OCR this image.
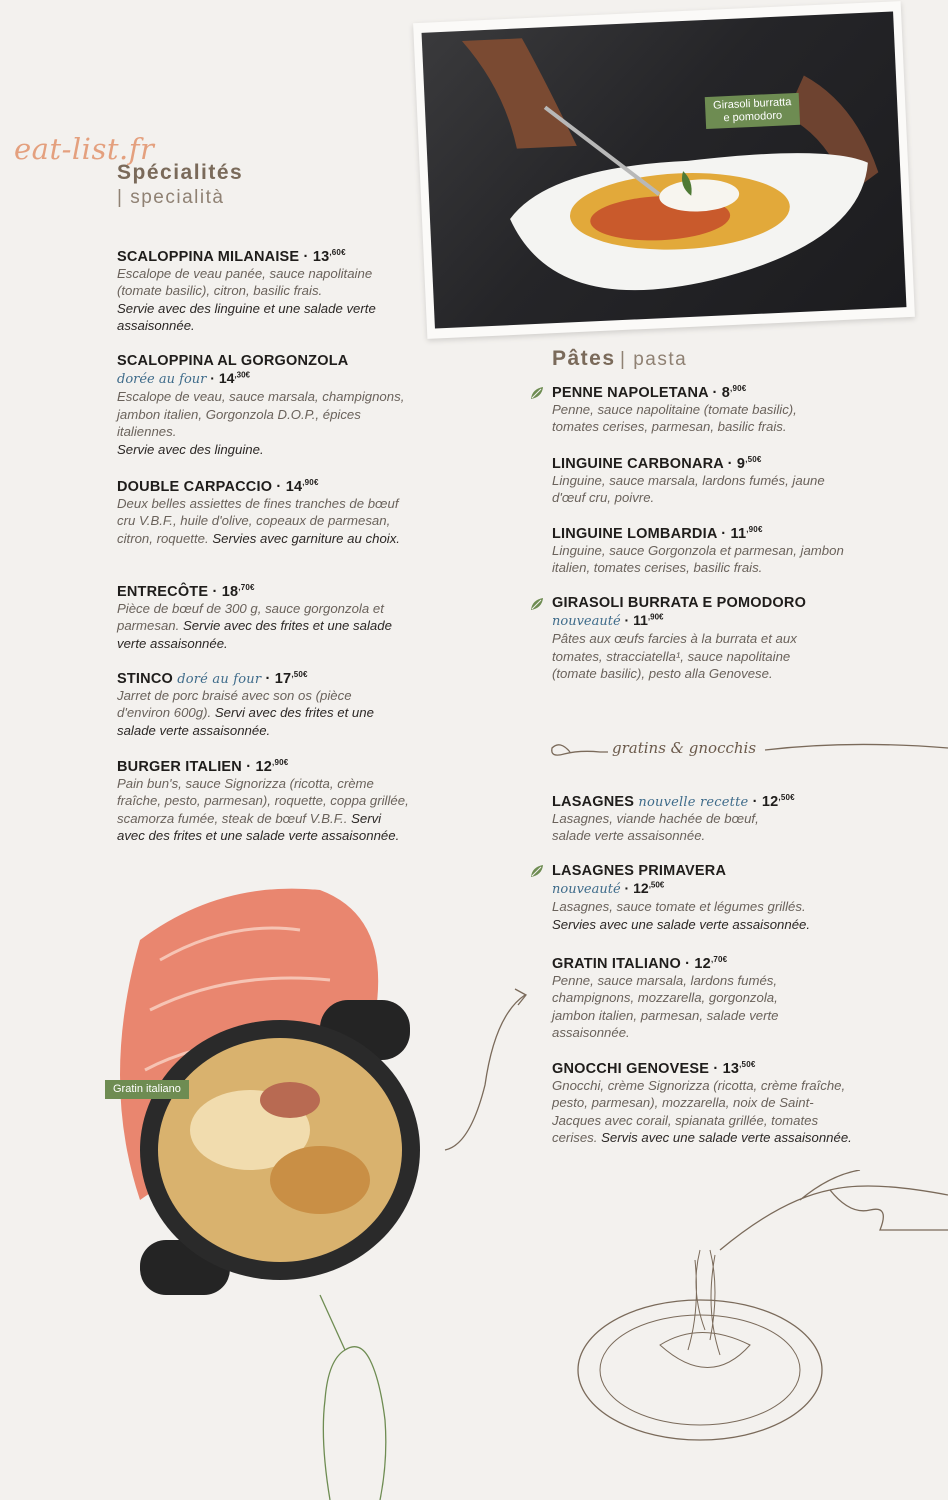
eat-list.fr
Spécialités
| specialità
SCALOPPINA MILANAISE · $13^{,60€}$
Escalope de veau panée, sauce napolitaine (tomate basilic), citron, basilic frais.
Servie avec des linguine et une salade verte assaisonnée.
SCALOPPINA AL GORGONZOLA
dorée au four · $14^{,30€}$
Escalope de veau, sauce marsala, champignons, jambon italien, Gorgonzola D.O.P., épices italiennes.
Servie avec des linguine.
DOUBLE CARPACCIO · $14^{,90€}$
Deux belles assiettes de fines tranches de bœuf cru V.B.F., huile d'olive, copeaux de parmesan, citron, roquette. Servies avec garniture au choix.
ENTRECÔTE · $18^{,70€}$
Pièce de bœuf de 300 g, sauce gorgonzola et parmesan. Servie avec des frites et une salade verte assaisonnée.
STINCO doré au four · $17^{,50€}$
Jarret de porc braisé avec son os (pièce d'environ 600g). Servi avec des frites et une salade verte assaisonnée.
BURGER ITALIEN · $12^{,90€}$
Pain bun's, sauce Signorizza (ricotta, crème fraîche, pesto, parmesan), roquette, coppa grillée, scamorza fumée, steak de bœuf V.B.F.. Servi avec des frites et une salade verte assaisonnée.
Girasoli burratta
e pomodoro
Pâtes | pasta
PENNE NAPOLETANA · $8^{,90€}$
Penne, sauce napolitaine (tomate basilic), tomates cerises, parmesan, basilic frais.
LINGUINE CARBONARA · $9^{,50€}$
Linguine, sauce marsala, lardons fumés, jaune d'œuf cru, poivre.
LINGUINE LOMBARDIA · $11^{,90€}$
Linguine, sauce Gorgonzola et parmesan, jambon italien, tomates cerises, basilic frais.
GIRASOLI BURRATA E POMODORO
nouveauté · $11^{,90€}$
Pâtes aux œufs farcies à la burrata et aux tomates, stracciatella¹, sauce napolitaine (tomate basilic), pesto alla Genovese.
gratins & gnocchis
LASAGNES nouvelle recette · $12^{,50€}$
Lasagnes, viande hachée de bœuf, salade verte assaisonnée.
LASAGNES PRIMAVERA
nouveauté · $12^{,50€}$
Lasagnes, sauce tomate et légumes grillés.
Servies avec une salade verte assaisonnée.
GRATIN ITALIANO · $12^{,70€}$
Penne, sauce marsala, lardons fumés, champignons, mozzarella, gorgonzola, jambon italien, parmesan, salade verte assaisonnée.
GNOCCHI GENOVESE · $13^{,50€}$
Gnocchi, crème Signorizza (ricotta, crème fraîche, pesto, parmesan), mozzarella, noix de Saint-Jacques avec corail, spianata grillée, tomates cerises. Servis avec une salade verte assaisonnée.
Gratin italiano
